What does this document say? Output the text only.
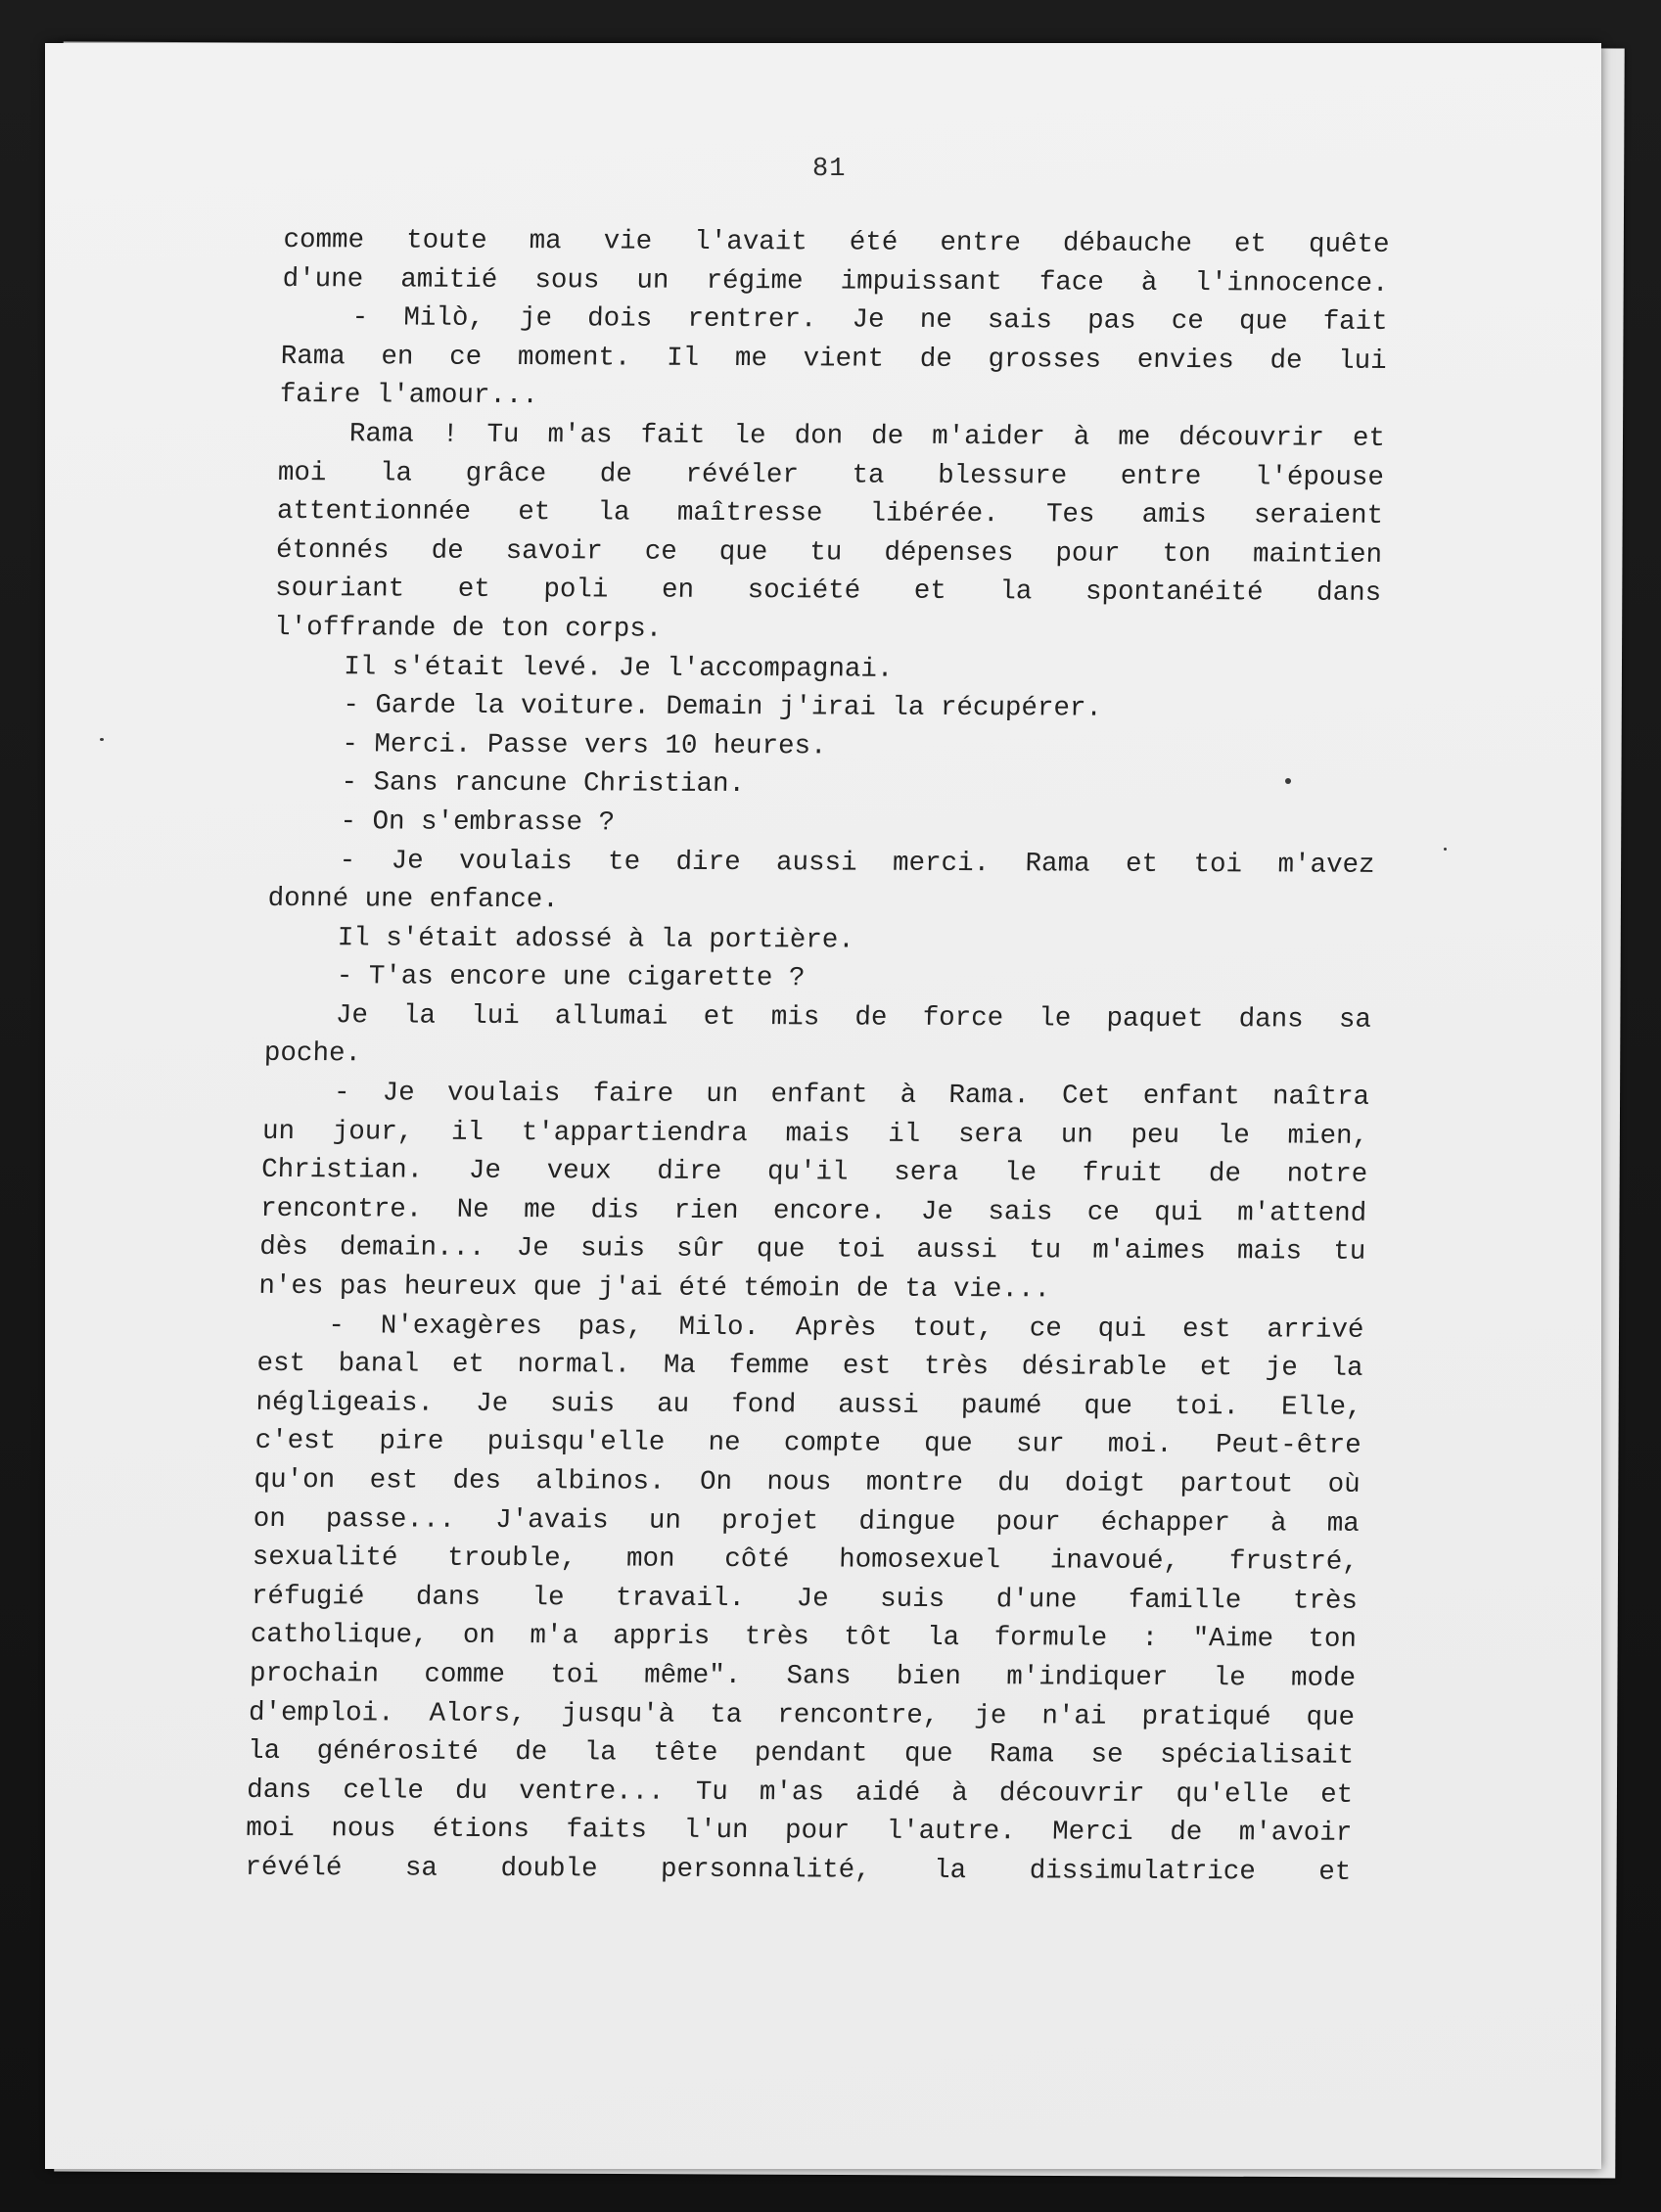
81
comme toute ma vie l'avait été entre débauche et quête
d'une amitié sous un régime impuissant face à l'innocence.
- Milò, je dois rentrer. Je ne sais pas ce que fait
Rama en ce moment. Il me vient de grosses envies de lui
faire l'amour...
Rama ! Tu m'as fait le don de m'aider à me découvrir et
moi la grâce de révéler ta blessure entre l'épouse
attentionnée et la maîtresse libérée. Tes amis seraient
étonnés de savoir ce que tu dépenses pour ton maintien
souriant et poli en société et la spontanéité dans
l'offrande de ton corps.
Il s'était levé. Je l'accompagnai.
- Garde la voiture. Demain j'irai la récupérer.
- Merci. Passe vers 10 heures.
- Sans rancune Christian.
- On s'embrasse ?
- Je voulais te dire aussi merci. Rama et toi m'avez
donné une enfance.
Il s'était adossé à la portière.
- T'as encore une cigarette ?
Je la lui allumai et mis de force le paquet dans sa
poche.
- Je voulais faire un enfant à Rama. Cet enfant naîtra
un jour, il t'appartiendra mais il sera un peu le mien,
Christian. Je veux dire qu'il sera le fruit de notre
rencontre. Ne me dis rien encore. Je sais ce qui m'attend
dès demain... Je suis sûr que toi aussi tu m'aimes mais tu
n'es pas heureux que j'ai été témoin de ta vie...
- N'exagères pas, Milo. Après tout, ce qui est arrivé
est banal et normal. Ma femme est très désirable et je la
négligeais. Je suis au fond aussi paumé que toi. Elle,
c'est pire puisqu'elle ne compte que sur moi. Peut-être
qu'on est des albinos. On nous montre du doigt partout où
on passe... J'avais un projet dingue pour échapper à ma
sexualité trouble, mon côté homosexuel inavoué, frustré,
réfugié dans le travail. Je suis d'une famille très
catholique, on m'a appris très tôt la formule : "Aime ton
prochain comme toi même". Sans bien m'indiquer le mode
d'emploi. Alors, jusqu'à ta rencontre, je n'ai pratiqué que
la générosité de la tête pendant que Rama se spécialisait
dans celle du ventre... Tu m'as aidé à découvrir qu'elle et
moi nous étions faits l'un pour l'autre. Merci de m'avoir
révélé sa double personnalité, la dissimulatrice et
